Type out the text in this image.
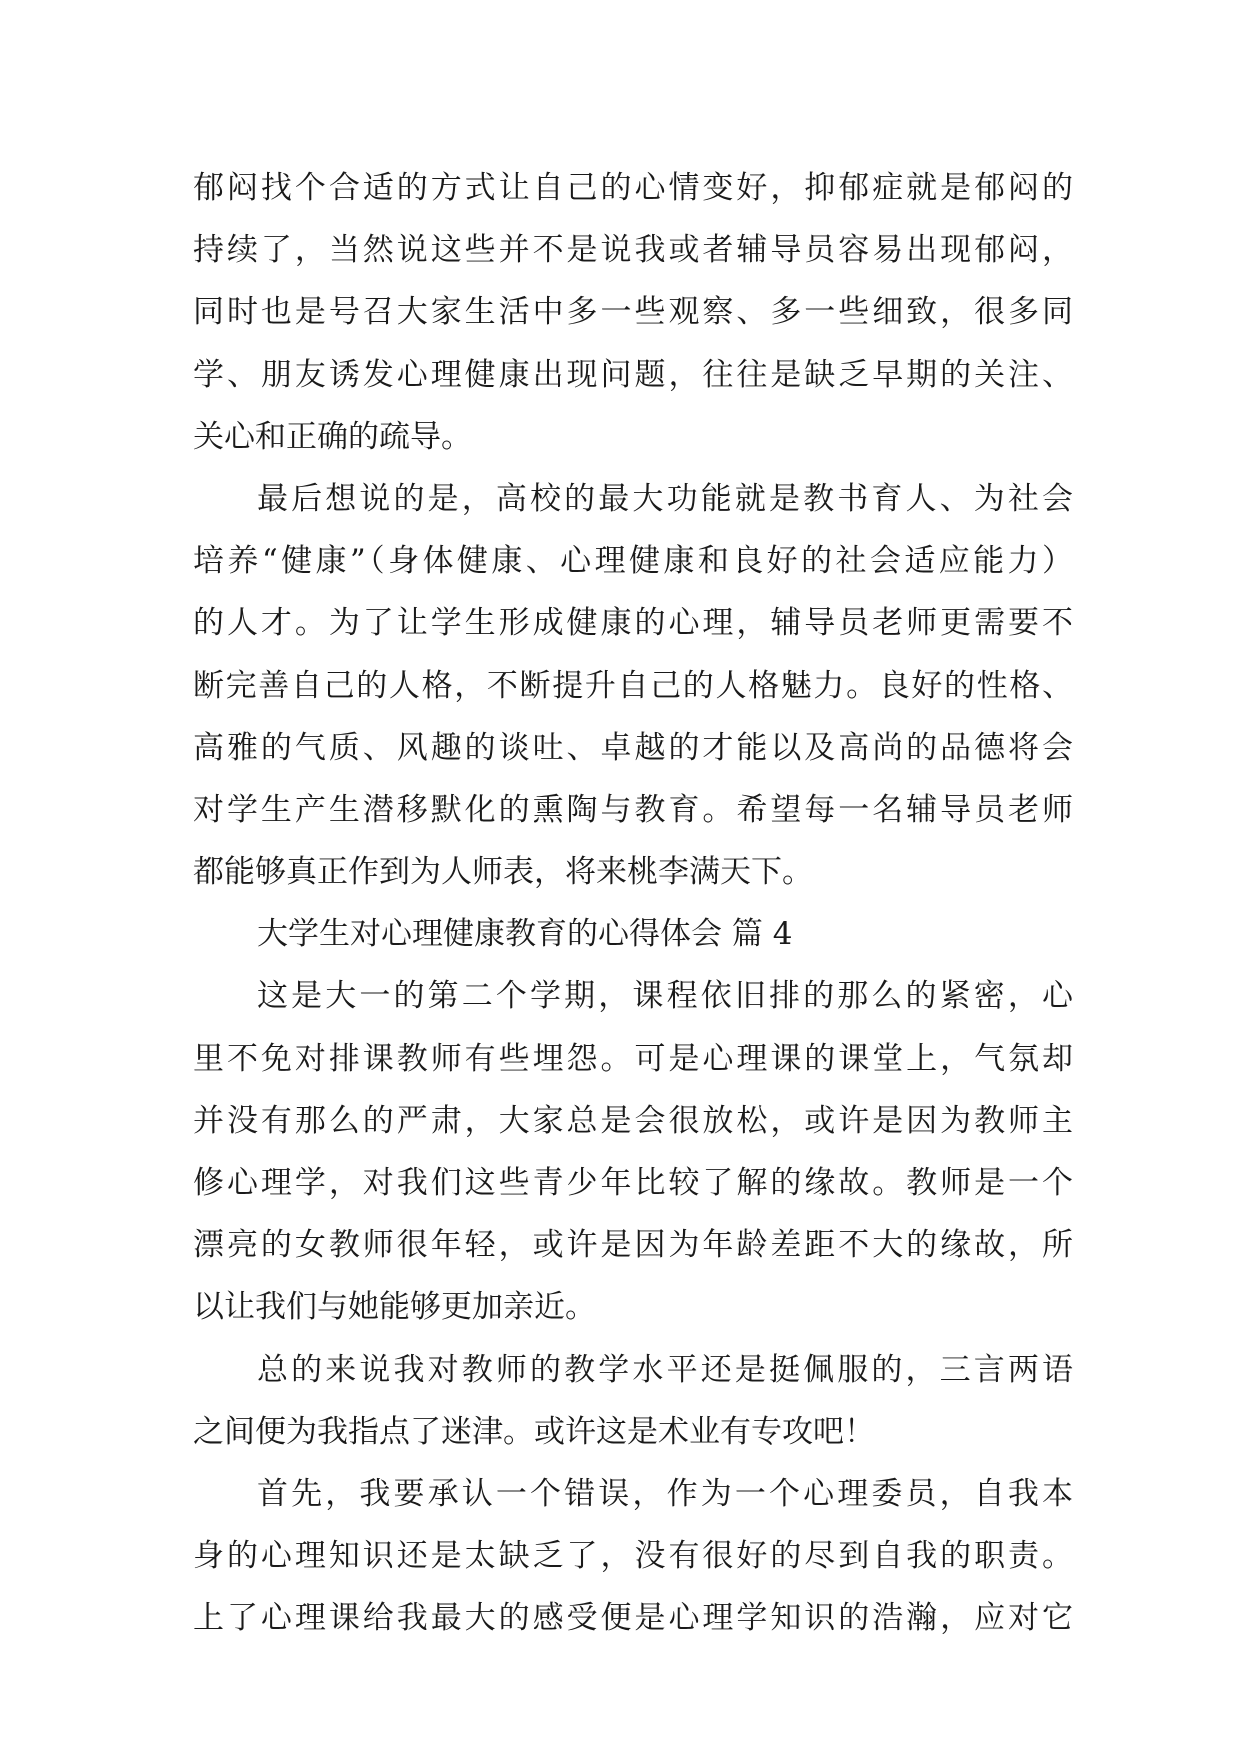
郁闷找个合适的方式让自己的心情变好，抑郁症就是郁闷的
持续了，当然说这些并不是说我或者辅导员容易出现郁闷，
同时也是号召大家生活中多一些观察、多一些细致，很多同
学、朋友诱发心理健康出现问题，往往是缺乏早期的关注、
关心和正确的疏导。
最后想说的是，高校的最大功能就是教书育人、为社会
培养“健康”（身体健康、心理健康和良好的社会适应能力）
的人才。为了让学生形成健康的心理，辅导员老师更需要不
断完善自己的人格，不断提升自己的人格魅力。良好的性格、
高雅的气质、风趣的谈吐、卓越的才能以及高尚的品德将会
对学生产生潜移默化的熏陶与教育。希望每一名辅导员老师
都能够真正作到为人师表，将来桃李满天下。
大学生对心理健康教育的心得体会 篇 4
这是大一的第二个学期，课程依旧排的那么的紧密，心
里不免对排课教师有些埋怨。可是心理课的课堂上，气氛却
并没有那么的严肃，大家总是会很放松，或许是因为教师主
修心理学，对我们这些青少年比较了解的缘故。教师是一个
漂亮的女教师很年轻，或许是因为年龄差距不大的缘故，所
以让我们与她能够更加亲近。
总的来说我对教师的教学水平还是挺佩服的，三言两语
之间便为我指点了迷津。或许这是术业有专攻吧！
首先，我要承认一个错误，作为一个心理委员，自我本
身的心理知识还是太缺乏了，没有很好的尽到自我的职责。
上了心理课给我最大的感受便是心理学知识的浩瀚，应对它
